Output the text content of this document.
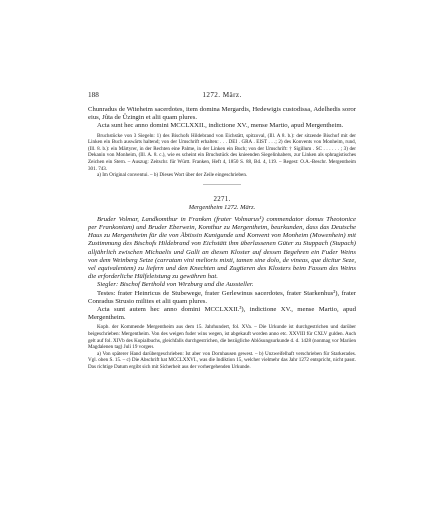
188	1272. März.

Chunradus de Witeheim sacerdotes, item domina Mergardis, Hedewigis custodissa, Adelhedis soror eius, Jûta de Ûzingin et alii quam plures.

Acta sunt hec anno domini MCCLXXII., indictione XV., mense Martio, apud Mergentheim.

Bruchstücke von 3 Siegeln: 1) des Bischofs Hildebrand von Eichstätt, spitzoval, (Ill. A 8. b.): der sitzende Bischof mit der Linken ein Buch auswärts haltend; von der Umschrift erhalten: . . . DEI . GRA . EIST . . .; 2) des Konvents von Monheim, rund, (Ill. 8. b.): ein Märtyrer, in der Rechten eine Palme, in der Linken ein Buch; von der Umschrift: † Sigillum . SC . . . . . . ; 3) der Dekanin von Monheim, (Ill. A. 8. c.), wie es scheint ein Bruchstück des knieenden Siegelinhabers, zur Linken als sphragistisches Zeichen ein Stern. – Auszug: Zeitschr. für Württ. Franken, Heft 4, 1850 S. 88, Bd. 4, 119. – Regest: O.A.-Beschr. Mergentheim 301. 743.

a) Im Original conventui. – b) Dieses Wort über der Zeile eingeschrieben.

2271.

Mergentheim 1272. März.

Bruder Volmar, Landkomthur in Franken (frater Volmarus¹) commendator domus Theotonice per Frankoniam) und Bruder Eberwein, Komthur zu Mergentheim, beurkunden, dass das Deutsche Haus zu Mergentheim für die von Äbtissin Kunigunde und Konvent von Monheim (Mowenhein) mit Zustimmung des Bischofs Hildebrand von Eichstätt ihm überlassenen Güter zu Stuppach (Stupach) alljährlich zwischen Michaelis und Galli an diesen Kloster auf dessen Begehren ein Fuder Weins von dem Weinberg Setze (carratam vini melioris mixti, tamen sine dolo, de vineas, que dicitur Seze, vel equivalentem) zu liefern und den Knechten und Zugtieren des Klosters beim Fassen des Weins die erforderliche Hülfeleistung zu gewähren hat.

Siegler: Bischof Berthold von Wirzburg und die Aussteller.

Testes: frater Heinricus de Stubewege, frater Gerlewinus sacerdotes, frater Starkenhus²), frater Conradus Strusio milites et alii quam plures.

Acta sunt autem hec anno domini MCCLXXII.³), indictione XV., mense Martio, apud Mergentheim.

Kopb. der Kommende Mergentheim aus dem 15. Jahrhundert, fol. XVa. – Die Urkunde ist durchgestrichen und darüber beigeschrieben: Mergentheim. Von des weigen fuder wins wegen, ist abgekauft worden anno etc. XXVIII für CXLV gulden. Auch gelt auf fol. XIVb des Kopialbuchs, gleichfalls durchgestrichen, die bezügliche Ablösungsurkunde d. d. 1428 (nonmag vor Mariien Magdalenen tag) Juli 19 vorgeн.

a) Von späterer Hand darübergeschrieben: Ist aber von Dornhausen gewest. – b) Unzweifelhaft verschrieben für Starkerades. Vgl. oben S. 15. – c) Die Abschrift hat MCCLXXVI., was die Indiktion 15, welcher vielmehr das Jahr 1272 entspricht, nicht passt. Das richtige Datum ergibt sich mit Sicherheit aus der vorhergehenden Urkunde.
